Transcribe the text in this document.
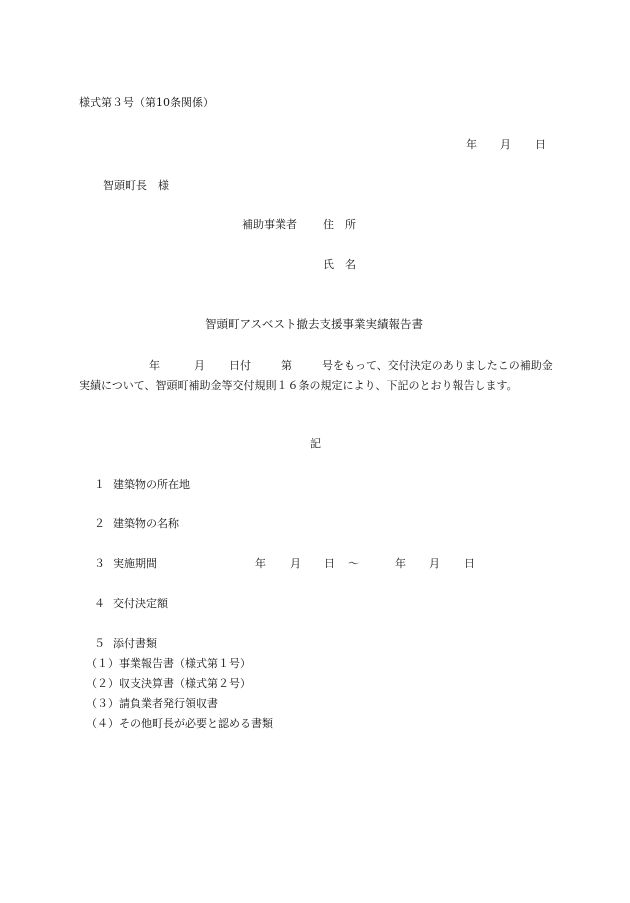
様式第３号（第10条関係）
年 月 日
智頭町長　様
補助事業者 住　所
氏　名
智頭町アスベスト撤去支援事業実績報告書
年	月 日付	第	号をもって、交付決定のありましたこの補助金実績について、智頭町補助金等交付規則１６条の規定により、下記のとおり報告します。
記
１ 建築物の所在地
２ 建築物の名称
３ 実施期間	年 月 日 ～	年 月 日
４ 交付決定額
５ 添付書類
（１）事業報告書（様式第１号）
（２）収支決算書（様式第２号）
（３）請負業者発行領収書
（４）その他町長が必要と認める書類
